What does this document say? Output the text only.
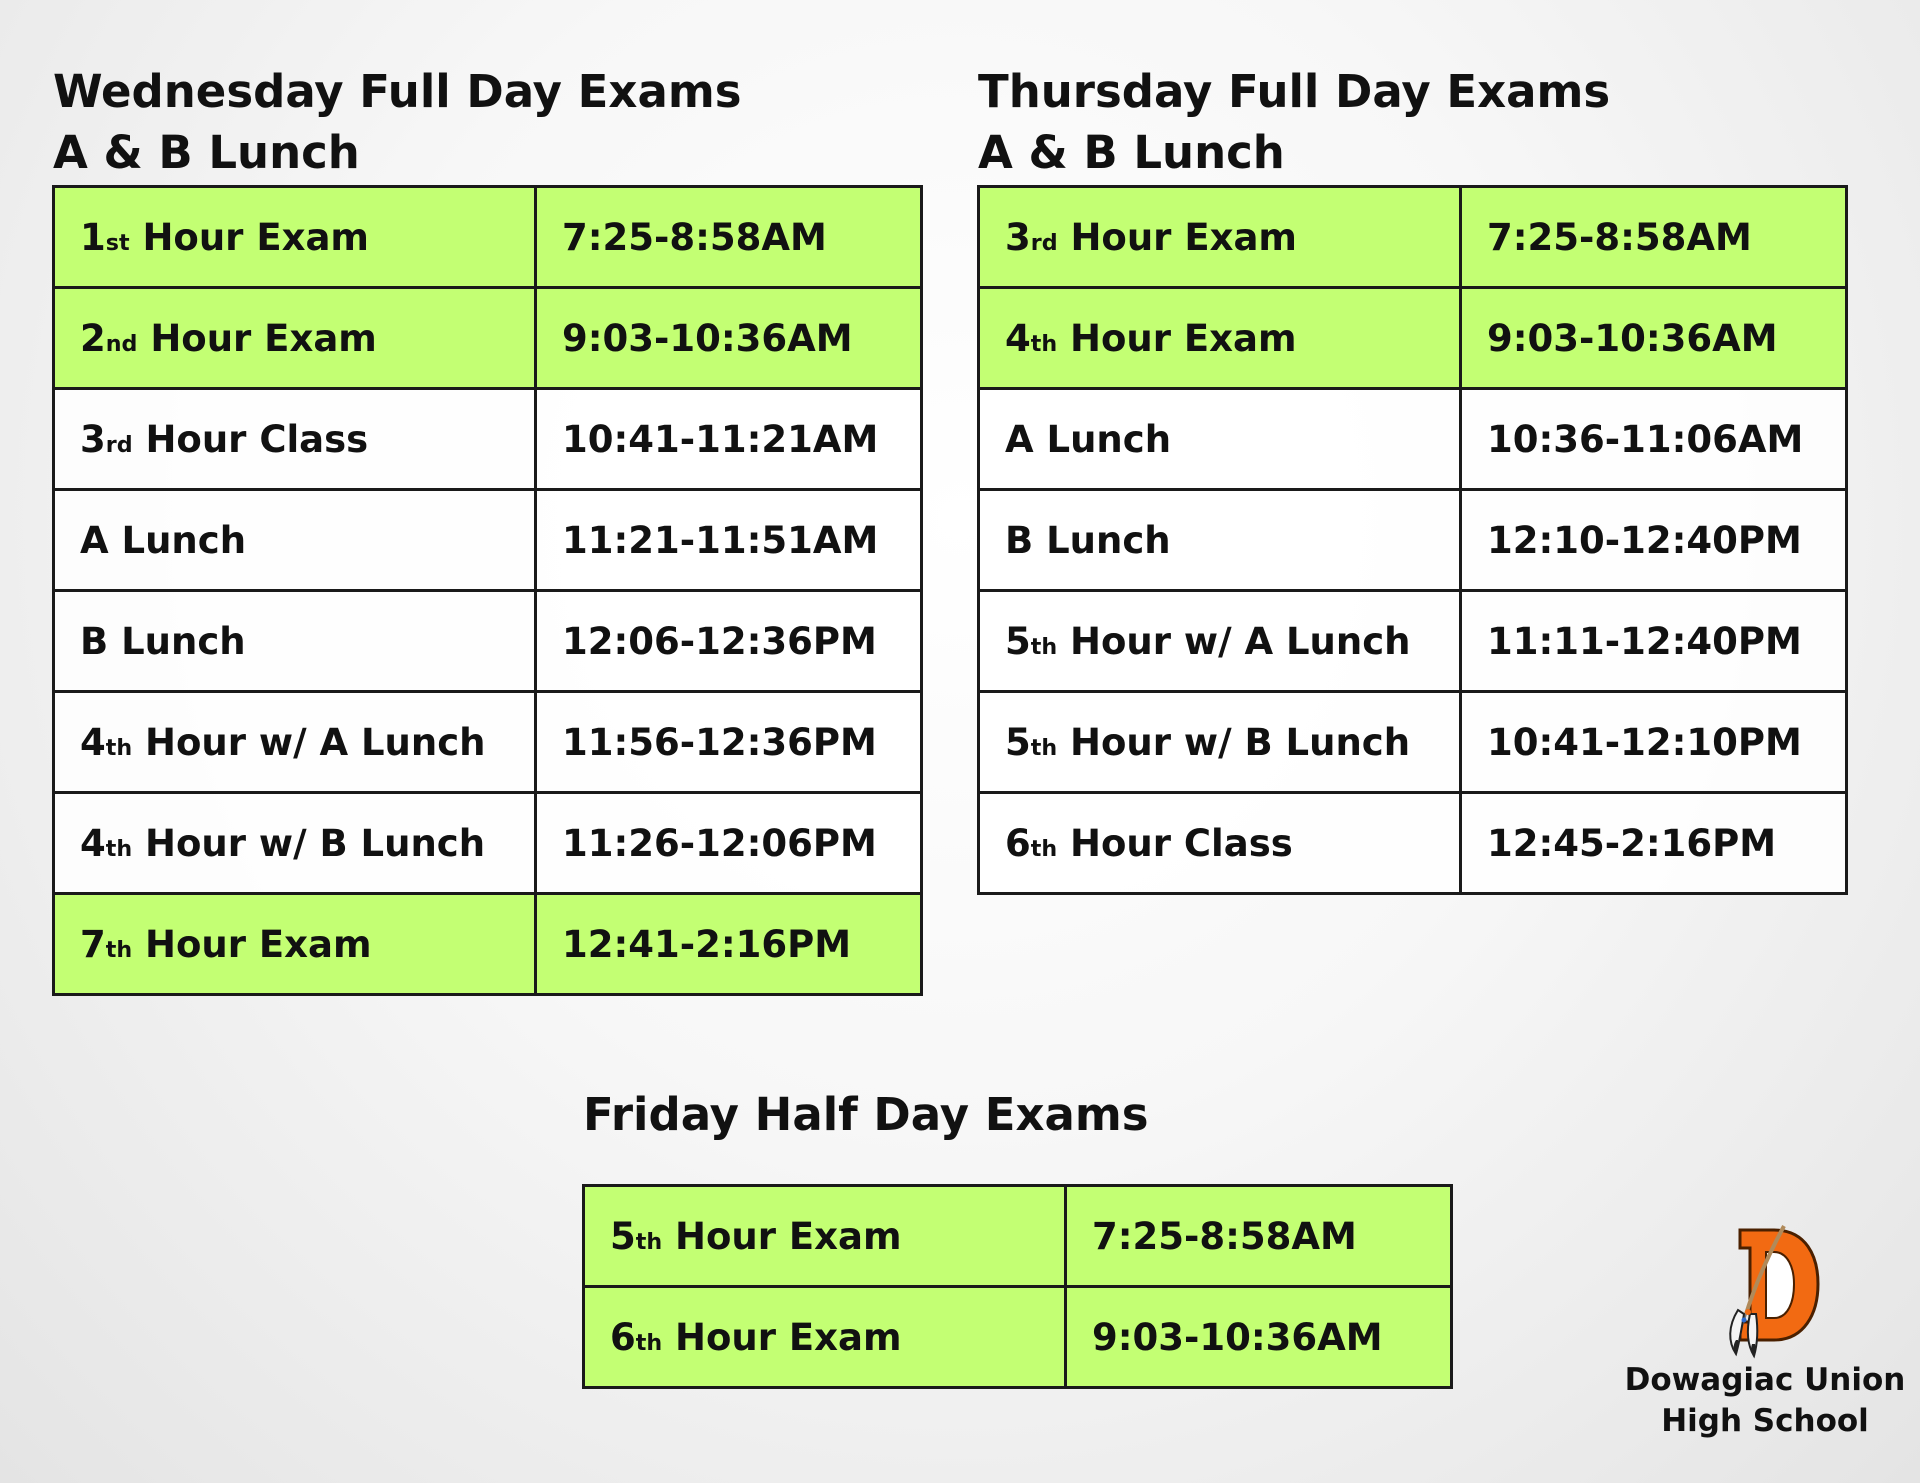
Wednesday Full Day Exams
A & B Lunch
1st Hour Exam	7:25-8:58AM
2nd Hour Exam	9:03-10:36AM
3rd Hour Class	10:41-11:21AM
A Lunch	11:21-11:51AM
B Lunch	12:06-12:36PM
4th Hour w/ A Lunch	11:56-12:36PM
4th Hour w/ B Lunch	11:26-12:06PM
7th Hour Exam	12:41-2:16PM
Thursday Full Day Exams
A & B Lunch
3rd Hour Exam	7:25-8:58AM
4th Hour Exam	9:03-10:36AM
A Lunch	10:36-11:06AM
B Lunch	12:10-12:40PM
5th Hour w/ A Lunch	11:11-12:40PM
5th Hour w/ B Lunch	10:41-12:10PM
6th Hour Class	12:45-2:16PM
Friday Half Day Exams
5th Hour Exam	7:25-8:58AM
6th Hour Exam	9:03-10:36AM
Dowagiac Union
High School
